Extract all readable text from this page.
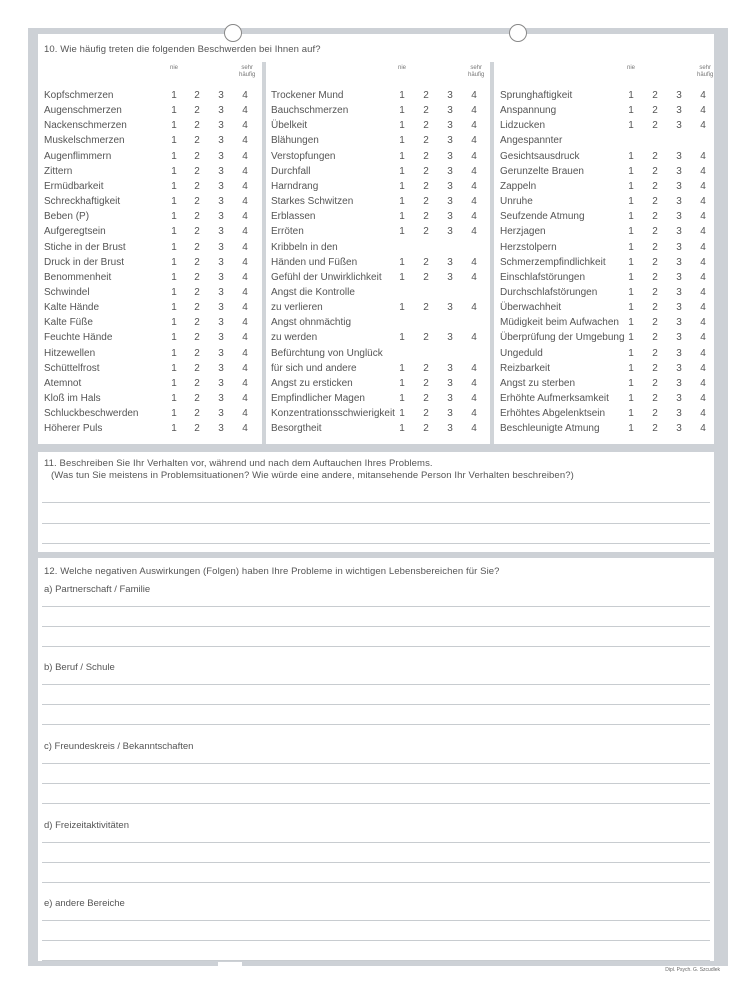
10. Wie häufig treten die folgenden Beschwerden bei Ihnen auf?
nie	sehr
häufig
Kopfschmerzen	1 2 3 4
Augenschmerzen	1 2 3 4
Nackenschmerzen	1 2 3 4
Muskelschmerzen	1 2 3 4
Augenflimmern	1 2 3 4
Zittern	1 2 3 4
Ermüdbarkeit	1 2 3 4
Schreckhaftigkeit	1 2 3 4
Beben (P)	1 2 3 4
Aufgeregtsein	1 2 3 4
Stiche in der Brust	1 2 3 4
Druck in der Brust	1 2 3 4
Benommenheit	1 2 3 4
Schwindel	1 2 3 4
Kalte Hände	1 2 3 4
Kalte Füße	1 2 3 4
Feuchte Hände	1 2 3 4
Hitzewellen	1 2 3 4
Schüttelfrost	1 2 3 4
Atemnot	1 2 3 4
Kloß im Hals	1 2 3 4
Schluckbeschwerden	1 2 3 4
Höherer Puls	1 2 3 4
nie	sehr
häufig
Trockener Mund	1 2 3 4
Bauchschmerzen	1 2 3 4
Übelkeit	1 2 3 4
Blähungen	1 2 3 4
Verstopfungen	1 2 3 4
Durchfall	1 2 3 4
Harndrang	1 2 3 4
Starkes Schwitzen	1 2 3 4
Erblassen	1 2 3 4
Erröten	1 2 3 4
Kribbeln in den
Händen und Füßen	1 2 3 4
Gefühl der Unwirklichkeit 1 2 3 4
Angst die Kontrolle
zu verlieren	1 2 3 4
Angst ohnmächtig
zu werden	1 2 3 4
Befürchtung von Unglück
für sich und andere	1 2 3 4
Angst zu ersticken	1 2 3 4
Empfindlicher Magen	1 2 3 4
Konzentrationsschwierigkeit 1 2 3 4
Besorgtheit	1 2 3 4
nie	sehr
häufig
Sprunghaftigkeit	1 2 3 4
Anspannung	1 2 3 4
Lidzucken	1 2 3 4
Angespannter
Gesichtsausdruck	1 2 3 4
Gerunzelte Brauen	1 2 3 4
Zappeln	1 2 3 4
Unruhe	1 2 3 4
Seufzende Atmung	1 2 3 4
Herzjagen	1 2 3 4
Herzstolpern	1 2 3 4
Schmerzempfindlichkeit 1 2 3 4
Einschlafstörungen	1 2 3 4
Durchschlafstörungen	1 2 3 4
Überwachheit	1 2 3 4
Müdigkeit beim Aufwachen 1 2 3 4
Überprüfung der Umgebung 1 2 3 4
Ungeduld	1 2 3 4
Reizbarkeit	1 2 3 4
Angst zu sterben	1 2 3 4
Erhöhte Aufmerksamkeit 1 2 3 4
Erhöhtes Abgelenktsein 1 2 3 4
Beschleunigte Atmung	1 2 3 4
11. Beschreiben Sie Ihr Verhalten vor, während und nach dem Auftauchen Ihres Problems.
(Was tun Sie meistens in Problemsituationen? Wie würde eine andere, mitansehende Person Ihr Verhalten beschreiben?)
12. Welche negativen Auswirkungen (Folgen) haben Ihre Probleme in wichtigen Lebensbereichen für Sie?
a) Partnerschaft / Familie
b) Beruf / Schule
c) Freundeskreis / Bekanntschaften
d) Freizeitaktivitäten
e) andere Bereiche
Dipl. Psych. G. Szcudlek
